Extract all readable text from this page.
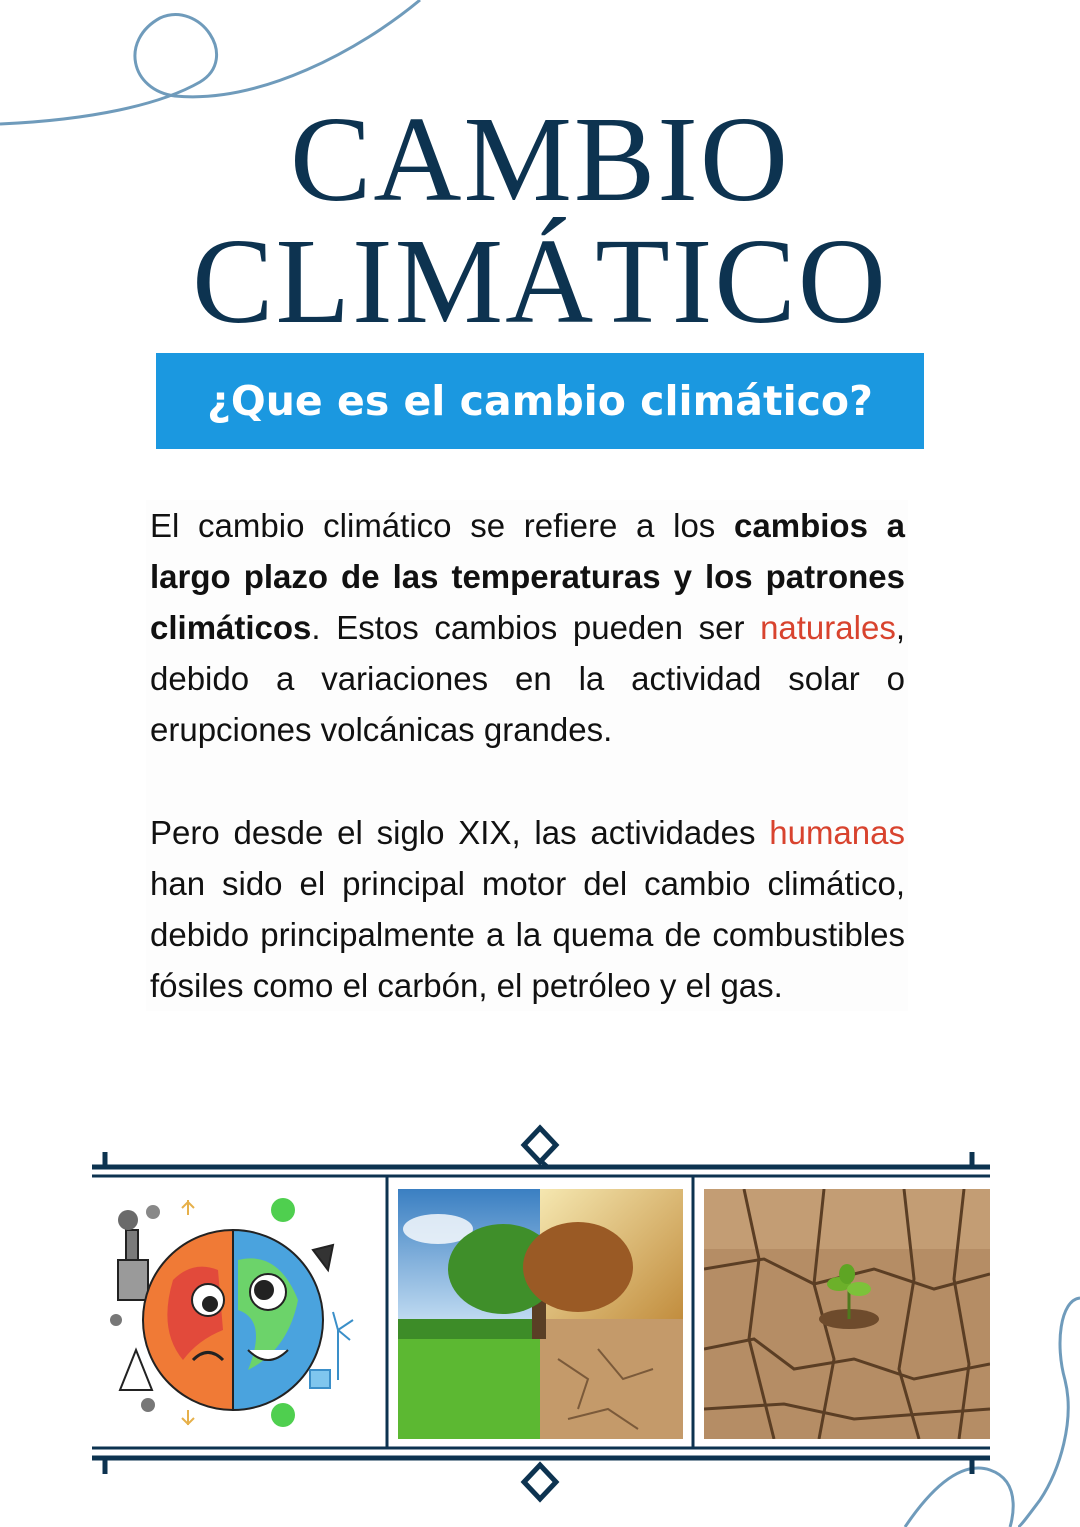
CAMBIO
CLIMÁTICO
¿Que es el cambio climático?

El cambio climático se refiere a los cambios a largo plazo de las temperaturas y los patrones climáticos. Estos cambios pueden ser naturales, debido a variaciones en la actividad solar o erupciones volcánicas grandes.

Pero desde el siglo XIX, las actividades humanas han sido el principal motor del cambio climático, debido principalmente a la quema de combustibles fósiles como el carbón, el petróleo y el gas.
